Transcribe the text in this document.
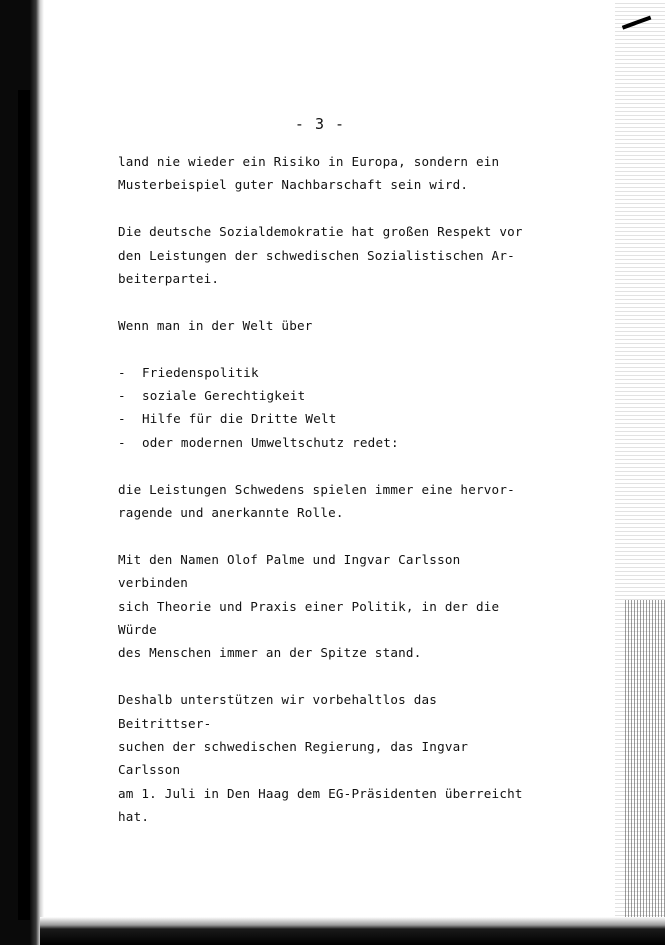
- 3 -

land nie wieder ein Risiko in Europa, sondern ein
Musterbeispiel guter Nachbarschaft sein wird.

Die deutsche Sozialdemokratie hat großen Respekt vor
den Leistungen der schwedischen Sozialistischen Ar-
beiterpartei.

Wenn man in der Welt über

-	Friedenspolitik
-	soziale Gerechtigkeit
-	Hilfe für die Dritte Welt
-	oder modernen Umweltschutz redet:

die Leistungen Schwedens spielen immer eine hervor-
ragende und anerkannte Rolle.

Mit den Namen Olof Palme und Ingvar Carlsson verbinden
sich Theorie und Praxis einer Politik, in der die Würde
des Menschen immer an der Spitze stand.

Deshalb unterstützen wir vorbehaltlos das Beitrittser-
suchen der schwedischen Regierung, das Ingvar Carlsson
am 1. Juli in Den Haag dem EG-Präsidenten überreicht
hat.
